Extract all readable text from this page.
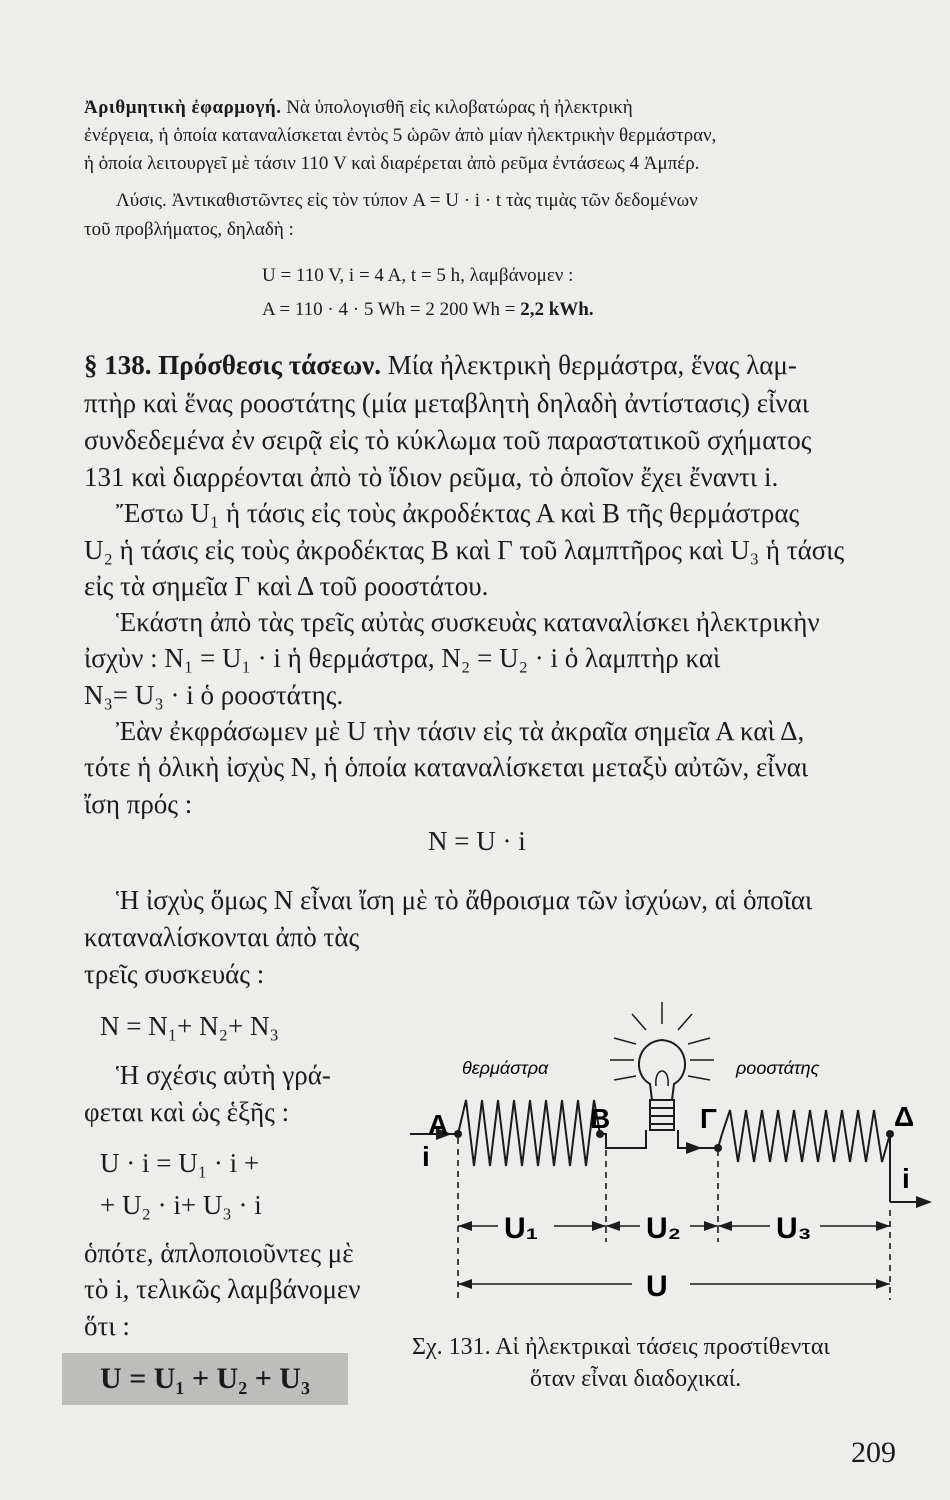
Ἀριθμητικὴ ἐφαρμογή. Νὰ ὑπολογισθῆ εἰς κιλοβατώρας ἡ ἠλεκτρικὴ
ἐνέργεια, ἡ ὁποία καταναλίσκεται ἐντὸς 5 ὡρῶν ἀπὸ μίαν ἠλεκτρικὴν θερμάστραν,
ἡ ὁποία λειτουργεῖ μὲ τάσιν 110 V καὶ διαρέρεται ἀπὸ ρεῦμα ἐντάσεως 4 Ἀμπέρ.
Λύσις. Ἀντικαθιστῶντες εἰς τὸν τύπον A = U · i · t τὰς τιμὰς τῶν δεδομένων
τοῦ προβλήματος, δηλαδὴ :
U = 110 V, i = 4 A, t = 5 h, λαμβάνομεν :
A = 110 · 4 · 5 Wh = 2 200 Wh = 2,2 kWh.
§ 138. Πρόσθεσις τάσεων. Μία ἠλεκτρικὴ θερμάστρα, ἕνας λαμ-
πτὴρ καὶ ἕνας ροοστάτης (μία μεταβλητὴ δηλαδὴ ἀντίστασις) εἶναι
συνδεδεμένα ἐν σειρᾷ εἰς τὸ κύκλωμα τοῦ παραστατικοῦ σχήματος
131 καὶ διαρρέονται ἀπὸ τὸ ἴδιον ρεῦμα, τὸ ὁποῖον ἔχει ἔναντι i.
Ἔστω U₁ ἡ τάσις εἰς τοὺς ἀκροδέκτας Α καὶ Β τῆς θερμάστρας
U₂ ἡ τάσις εἰς τοὺς ἀκροδέκτας Β καὶ Γ τοῦ λαμπτῆρος καὶ U₃ ἡ τάσις
εἰς τὰ σημεῖα Γ καὶ Δ τοῦ ροοστάτου.
Ἑκάστη ἀπὸ τὰς τρεῖς αὐτὰς συσκευὰς καταναλίσκει ἠλεκτρικὴν
ἰσχὺν : N₁ = U₁ · i ἡ θερμάστρα, N₂ = U₂ · i ὁ λαμπτὴρ καὶ
N₃= U₃ · i ὁ ροοστάτης.
Ἐὰν ἐκφράσωμεν μὲ U τὴν τάσιν εἰς τὰ ἀκραῖα σημεῖα Α καὶ Δ,
τότε ἡ ὀλικὴ ἰσχὺς N, ἡ ὁποία καταναλίσκεται μεταξὺ αὐτῶν, εἶναι
ἴση πρός :
N = U · i
Ἡ ἰσχὺς ὅμως N εἶναι ἴση μὲ τὸ ἄθροισμα τῶν ἰσχύων, αἱ ὁποῖαι
καταναλίσκονται ἀπὸ τὰς
τρεῖς συσκευάς :
N = N₁+ N₂+ N₃
Ἡ σχέσις αὐτὴ γρά-
φεται καὶ ὡς ἑξῆς :
U · i = U₁ · i +
+ U₂ · i+ U₃ · i
ὁπότε, ἁπλοποιοῦντες μὲ
τὸ i, τελικῶς λαμβάνομεν
ὅτι :
U = U₁ + U₂ + U₃
θερμάστρα	ροοστάτης
Α	Β	Γ	Δ
i
i
U₁	U₂	U₃
U
Σχ. 131. Αἱ ἠλεκτρικαὶ τάσεις προστίθενται
ὅταν εἶναι διαδοχικαί.
209
